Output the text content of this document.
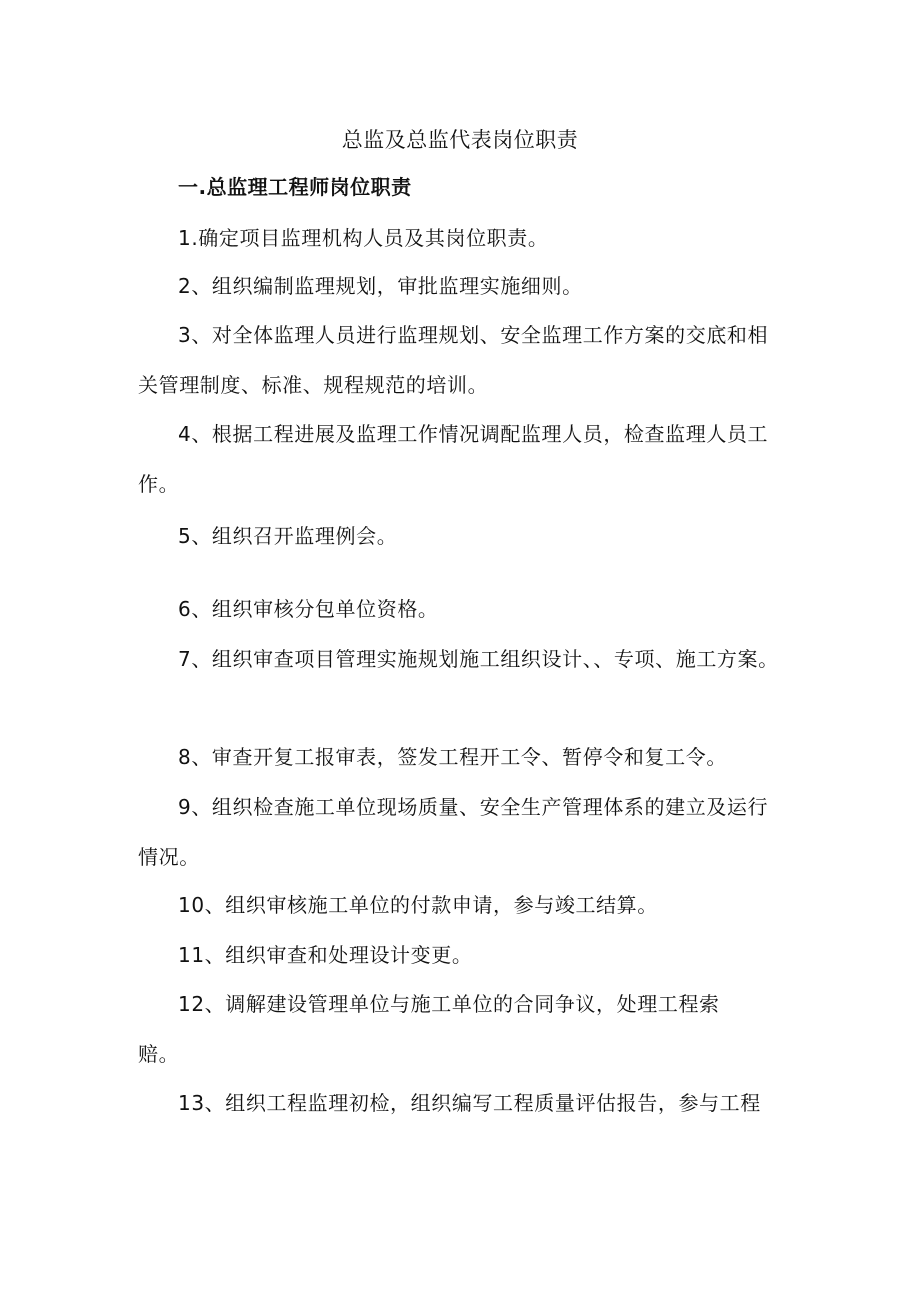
总监及总监代表岗位职责
一.总监理工程师岗位职责

1.确定项目监理机构人员及其岗位职责。

2、组织编制监理规划，审批监理实施细则。

3、对全体监理人员进行监理规划、安全监理工作方案的交底和相关管理制度、标准、规程规范的培训。

4、根据工程进展及监理工作情况调配监理人员，检查监理人员工作。

5、组织召开监理例会。

6、组织审核分包单位资格。

7、组织审查项目管理实施规划施工组织设计、、专项、施工方案。

8、审查开复工报审表，签发工程开工令、暂停令和复工令。

9、组织检查施工单位现场质量、安全生产管理体系的建立及运行情况。

10、组织审核施工单位的付款申请，参与竣工结算。

11、组织审查和处理设计变更。

12、调解建设管理单位与施工单位的合同争议，处理工程索赔。

13、组织工程监理初检，组织编写工程质量评估报告，参与工程
